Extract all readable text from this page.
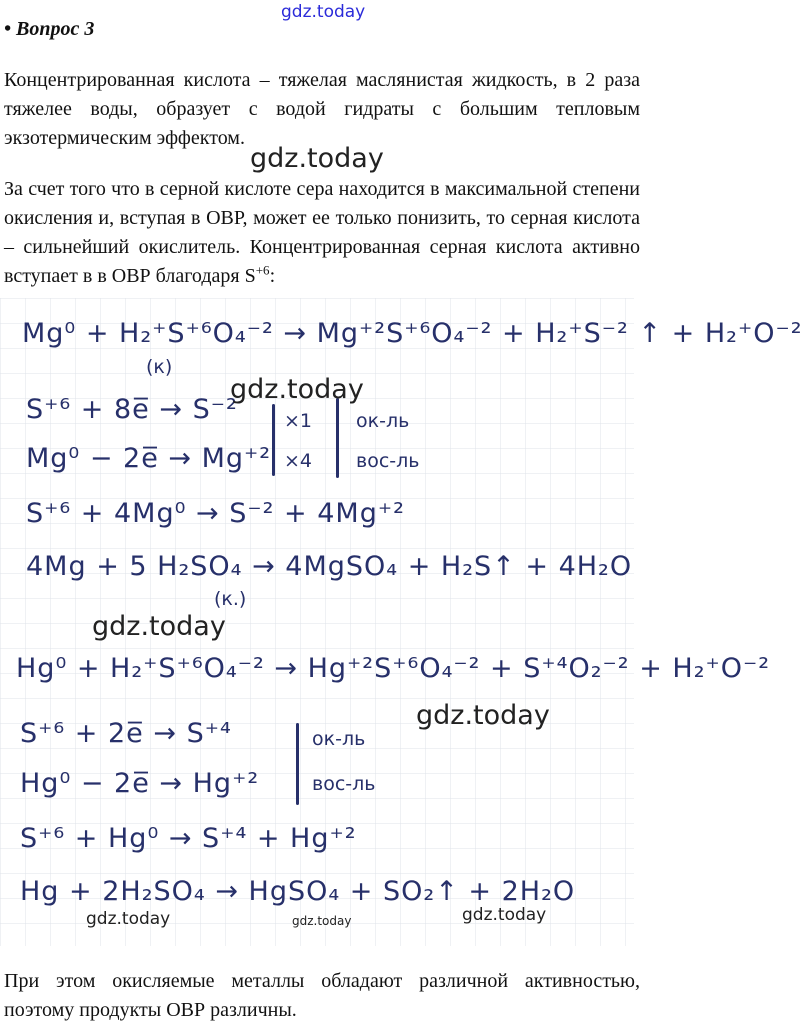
gdz.today
• Вопрос 3
Концентрированная кислота – тяжелая маслянистая жидкость, в 2 раза тяжелее воды, образует с водой гидраты с большим тепловым экзотермическим эффектом.
За счет того что в серной кислоте сера находится в максимальной степени окисления и, вступая в ОВР, может ее только понизить, то серная кислота – сильнейший окислитель. Концентрированная серная кислота активно вступает в в ОВР благодаря $S^{+6}$:
gdz.today
Mg⁰ + H₂⁺S⁺⁶O₄⁻² → Mg⁺²S⁺⁶O₄⁻² + H₂⁺S⁻² ↑ + H₂⁺O⁻²
(к)
S⁺⁶ + 8e̅ → S⁻²
Mg⁰ − 2e̅ → Mg⁺²
×1
×4
ок-ль
вос-ль
S⁺⁶ + 4Mg⁰ → S⁻² + 4Mg⁺²
4Mg + 5 H₂SO₄ → 4MgSO₄ + H₂S↑ + 4H₂O
(к.)
Hg⁰ + H₂⁺S⁺⁶O₄⁻² → Hg⁺²S⁺⁶O₄⁻² + S⁺⁴O₂⁻² + H₂⁺O⁻²
S⁺⁶ + 2e̅ → S⁺⁴
Hg⁰ − 2e̅ → Hg⁺²
ок-ль
вос-ль
S⁺⁶ + Hg⁰ → S⁺⁴ + Hg⁺²
Hg + 2H₂SO₄ → HgSO₄ + SO₂↑ + 2H₂O
gdz.today
gdz.today
gdz.today
gdz.today	gdz.today	gdz.today
При этом окисляемые металлы обладают различной активностью, поэтому продукты ОВР различны.
